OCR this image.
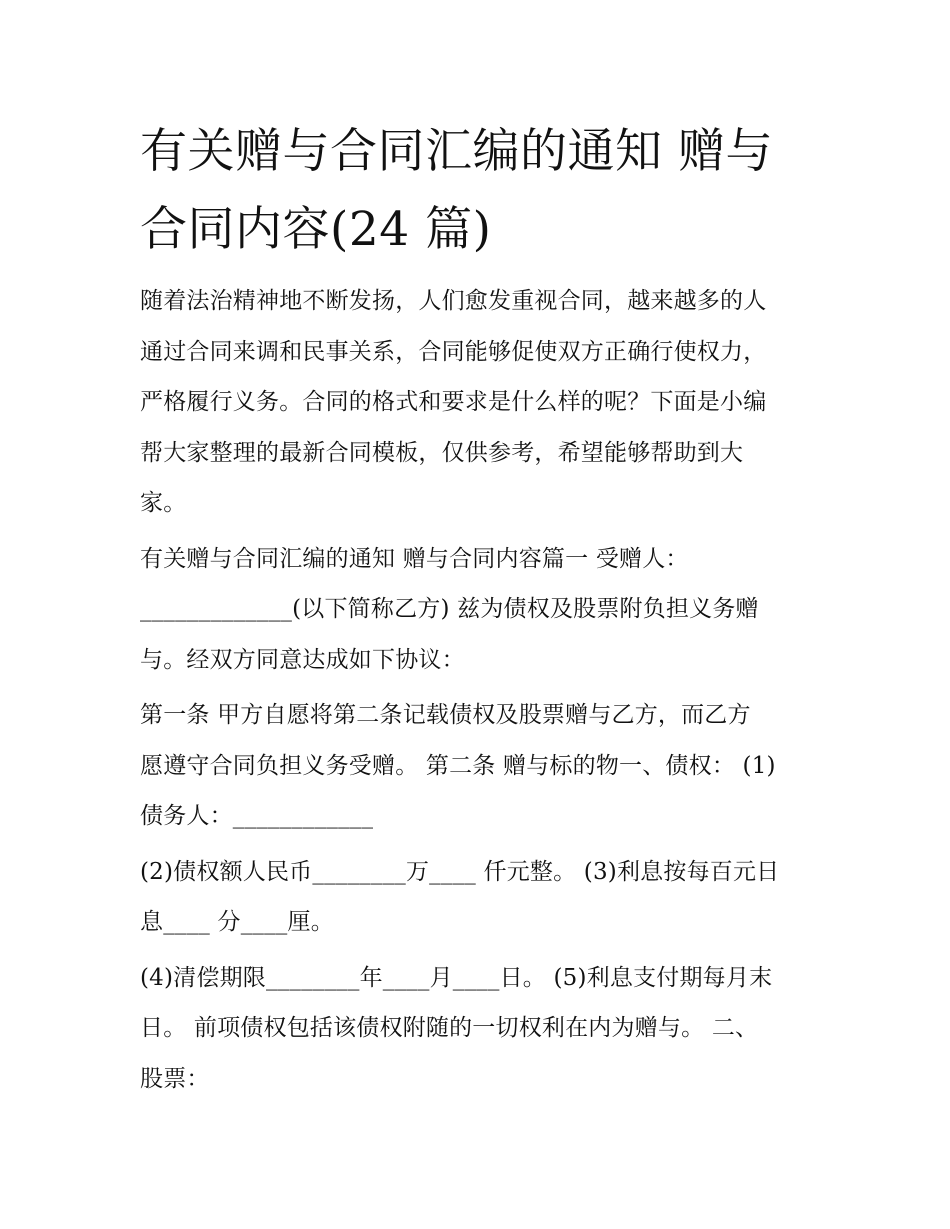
有关赠与合同汇编的通知 赠与
合同内容(24 篇)

随着法治精神地不断发扬，人们愈发重视合同，越来越多的人
通过合同来调和民事关系，合同能够促使双方正确行使权力，
严格履行义务。合同的格式和要求是什么样的呢？下面是小编
帮大家整理的最新合同模板，仅供参考，希望能够帮助到大
家。

有关赠与合同汇编的通知 赠与合同内容篇一 受赠人：
_____________(以下简称乙方) 兹为债权及股票附负担义务赠
与。经双方同意达成如下协议：

第一条 甲方自愿将第二条记载债权及股票赠与乙方，而乙方
愿遵守合同负担义务受赠。 第二条 赠与标的物一、债权： (1)
债务人：____________

(2)债权额人民币________万____ 仟元整。 (3)利息按每百元日
息____ 分____厘。

(4)清偿期限________年____月____日。 (5)利息支付期每月末
日。 前项债权包括该债权附随的一切权利在内为赠与。 二、
股票：
